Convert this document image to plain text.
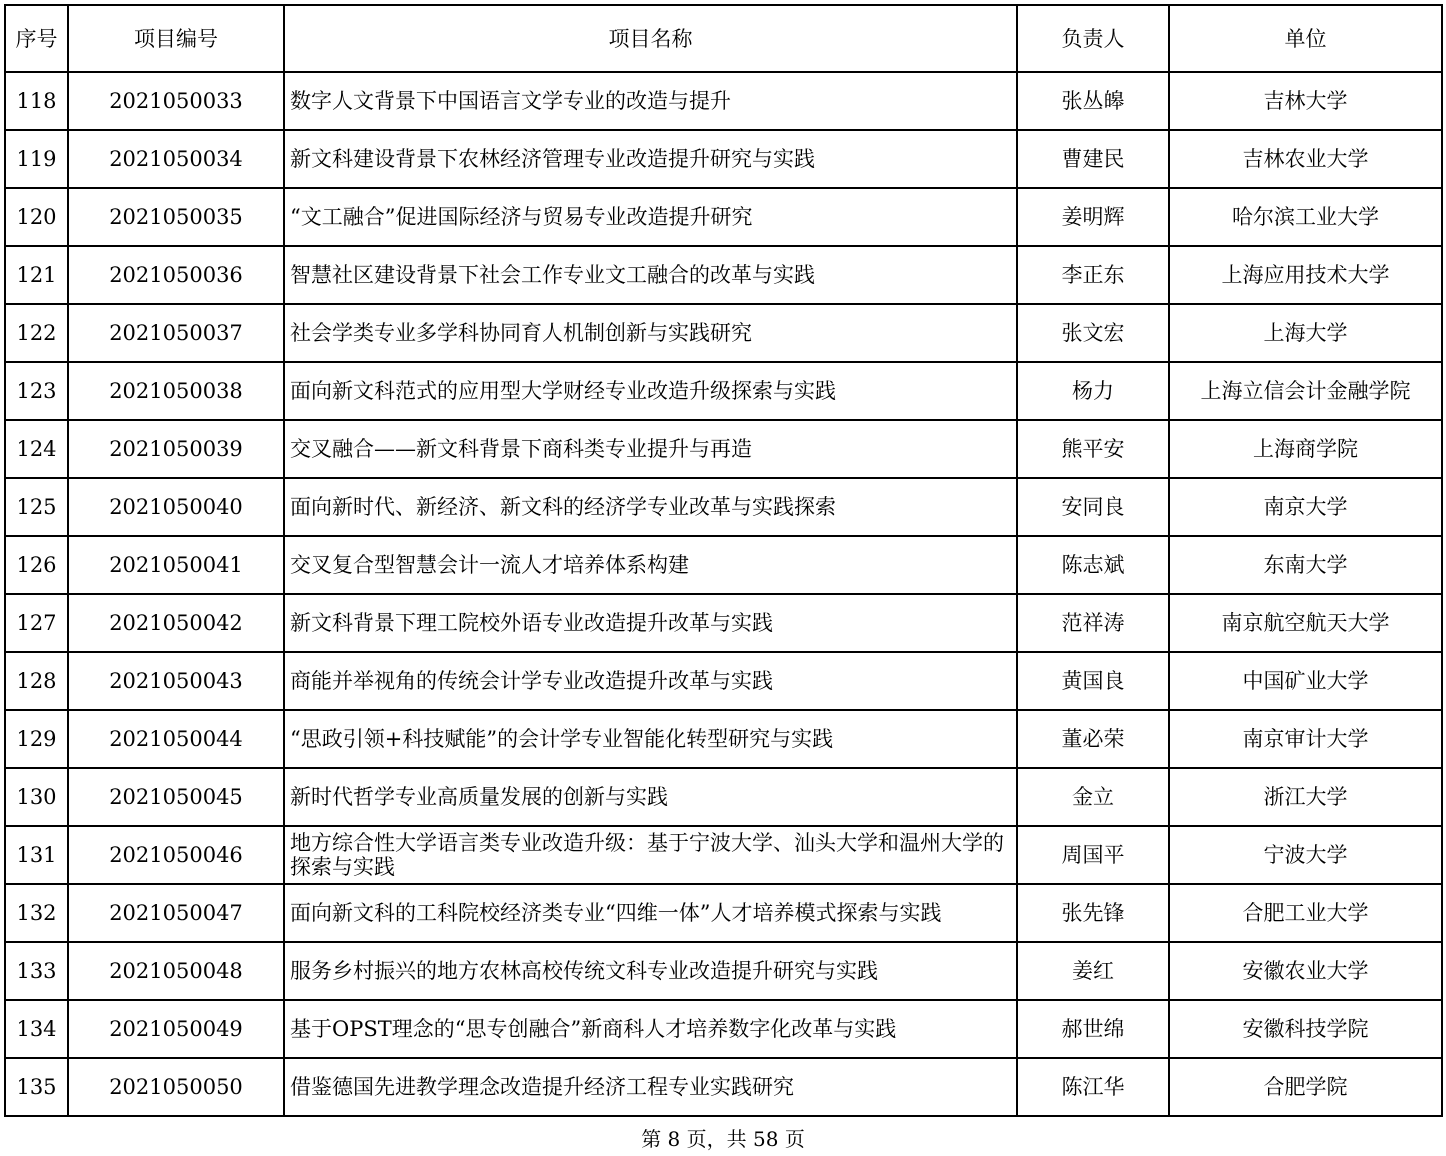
序号	项目编号	项目名称	负责人	单位
118	2021050033	数字人文背景下中国语言文学专业的改造与提升	张丛皞	吉林大学
119	2021050034	新文科建设背景下农林经济管理专业改造提升研究与实践	曹建民	吉林农业大学
120	2021050035	“文工融合”促进国际经济与贸易专业改造提升研究	姜明辉	哈尔滨工业大学
121	2021050036	智慧社区建设背景下社会工作专业文工融合的改革与实践	李正东	上海应用技术大学
122	2021050037	社会学类专业多学科协同育人机制创新与实践研究	张文宏	上海大学
123	2021050038	面向新文科范式的应用型大学财经专业改造升级探索与实践	杨力	上海立信会计金融学院
124	2021050039	交叉融合——新文科背景下商科类专业提升与再造	熊平安	上海商学院
125	2021050040	面向新时代、新经济、新文科的经济学专业改革与实践探索	安同良	南京大学
126	2021050041	交叉复合型智慧会计一流人才培养体系构建	陈志斌	东南大学
127	2021050042	新文科背景下理工院校外语专业改造提升改革与实践	范祥涛	南京航空航天大学
128	2021050043	商能并举视角的传统会计学专业改造提升改革与实践	黄国良	中国矿业大学
129	2021050044	“思政引领+科技赋能”的会计学专业智能化转型研究与实践	董必荣	南京审计大学
130	2021050045	新时代哲学专业高质量发展的创新与实践	金立	浙江大学
131	2021050046	地方综合性大学语言类专业改造升级：基于宁波大学、汕头大学和温州大学的探索与实践	周国平	宁波大学
132	2021050047	面向新文科的工科院校经济类专业“四维一体”人才培养模式探索与实践	张先锋	合肥工业大学
133	2021050048	服务乡村振兴的地方农林高校传统文科专业改造提升研究与实践	姜红	安徽农业大学
134	2021050049	基于OPST理念的“思专创融合”新商科人才培养数字化改革与实践	郝世绵	安徽科技学院
135	2021050050	借鉴德国先进教学理念改造提升经济工程专业实践研究	陈江华	合肥学院
第 8 页，共 58 页
